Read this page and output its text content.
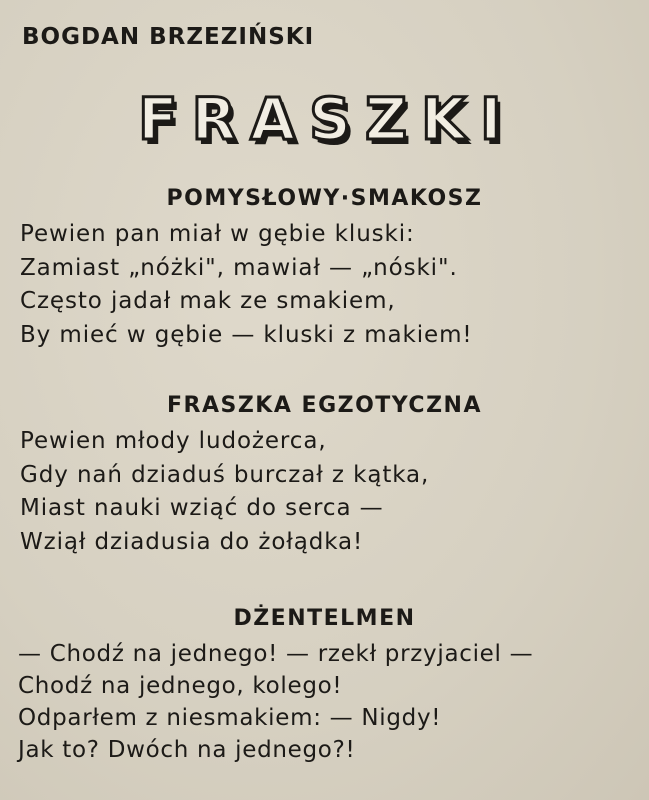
BOGDAN BRZEZIŃSKI
FRASZKI
POMYSŁOWY·SMAKOSZ
Pewien pan miał w gębie kluski:
Zamiast „nóżki", mawiał — „nóski".
Często jadał mak ze smakiem,
By mieć w gębie — kluski z makiem!
FRASZKA EGZOTYCZNA
Pewien młody ludożerca,
Gdy nań dziaduś burczał z kątka,
Miast nauki wziąć do serca —
Wziął dziadusia do żołądka!
DŻENTELMEN
— Chodź na jednego! — rzekł przyjaciel —
Chodź na jednego, kolego!
Odparłem z niesmakiem: — Nigdy!
Jak to? Dwóch na jednego?!
